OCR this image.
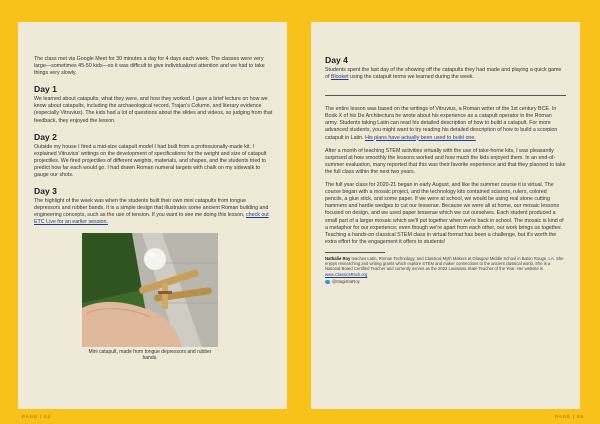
The class met via Google Meet for 30 minutes a day for 4 days each week. The classes were very large—sometimes 45-50 kids—so it was difficult to give individualized attention and we had to take things very slowly.

Day 1

We learned about catapults, what they were, and how they worked. I gave a brief lecture on how we know about catapults, including the archaeological record, Trajan's Column, and literary evidence (especially Vitruvius). The kids had a lot of questions about the slides and videos, so judging from that feedback, they enjoyed the lesson.

Day 2

Outside my house I fired a mid-size catapult model I had built from a professionally-made kit. I explained Vitruvius' writings on the development of specifications for the weight and size of catapult projectiles. We fired projectiles of different weights, materials, and shapes, and the students tried to predict how far each would go. I had drawn Roman numeral targets with chalk on my sidewalk to gauge our shots.

Day 3

The highlight of the week was when the students built their own mini catapults from tongue depressors and rubber bands. It is a simple design that illustrates some ancient Roman building and engineering concepts, such as the use of tension. If you want to see me doing this lesson, check out ETC Live for an earlier session.

Mini catapult, made from tongue depressors and rubber bands.
PAGE | 54
Day 4

Students spent the last day of the showing off the catapults they had made and playing a quick game of Blooket using the catapult terms we learned during the week.

The entire lesson was based on the writings of Vitruvius, a Roman writer of the 1st century BCE. In Book X of his De Architectura he wrote about his experience as a catapult operator in the Roman army. Students taking Latin can read his detailed description of how to build a catapult. For more advanced students, you might want to try reading his detailed description of how to build a scorpion catapult in Latin. His plans have actually been used to build one.

After a month of teaching STEM activities virtually with the use of take-home kits, I was pleasantly surprised at how smoothly the lessons worked and how much the kids enjoyed them. In an end-of-summer evaluation, many reported that this was their favorite experience and that they planned to take the full class within the next two years.

The full year class for 2020-21 began in early August, and like the summer course it is virtual. The course began with a mosaic project, and the technology kits contained scissors, rulers, colored pencils, a glue stick, and some paper. If we were at school, we would be using real stone cutting hammers and hardie wedges to cut our tesserae. Because we were all at home, our mosaic lessons focused on design, and we used paper tesserae which we cut ourselves. Each student produced a small part of a larger mosaic which we'll put together when we're back in school. The mosaic is kind of a metaphor for our experience; even though we're apart from each other, our work brings us together. Teaching a hands-on classical STEM class in virtual format has been a challenge, but it's worth the extra effort for the engagement it offers to students!

Nathalie Roy teaches Latin, Roman Technology, and Classical Myth Makers at Glasgow Middle School in Baton Rouge, LA. She enjoys researching and writing grants which explore STEM and maker connections to the ancient classical world. She is a National Board Certified Teacher and currently serves as the 2022 Louisiana State Teacher of the Year. Her website is www.ClassicsRock.org

@MagistraRoy
PAGE | 55
